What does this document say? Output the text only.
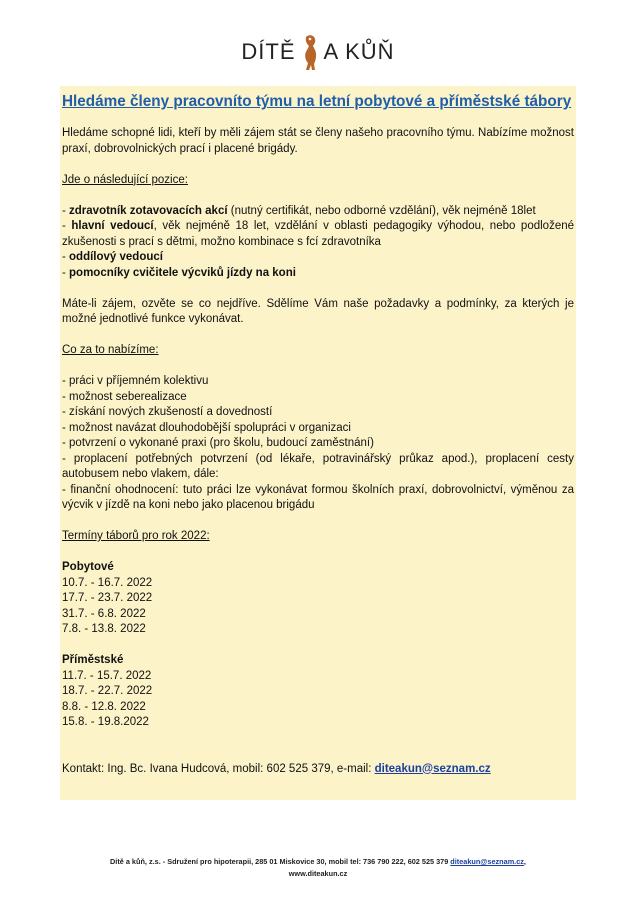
DÍTĚ A KŮŇ
Hledáme členy pracovníto týmu na letní pobytové a příměstské tábory

Hledáme schopné lidi, kteří by měli zájem stát se členy našeho pracovního týmu. Nabízíme možnost praxí, dobrovolnických prací i placené brigády.

Jde o následující pozice:

- zdravotník zotavovacích akcí (nutný certifikát, nebo odborné vzdělání), věk nejméně 18let

- hlavní vedoucí, věk nejméně 18 let, vzdělání v oblasti pedagogiky výhodou, nebo podložené zkušenosti s prací s dětmi, možno kombinace s fcí zdravotníka

- oddílový vedoucí

- pomocníky cvičitele výcviků jízdy na koni

Máte-li zájem, ozvěte se co nejdříve. Sdělíme Vám naše požadavky a podmínky, za kterých je možné jednotlivé funkce vykonávat.

Co za to nabízíme:

- práci v příjemném kolektivu

- možnost seberealizace

- získání nových zkušeností a dovedností

- možnost navázat dlouhodobější spolupráci v organizaci

- potvrzení o vykonané praxi (pro školu, budoucí zaměstnání)

- proplacení potřebných potvrzení (od lékaře, potravinářský průkaz apod.), proplacení cesty autobusem nebo vlakem, dále:

- finanční ohodnocení: tuto práci lze vykonávat formou školních praxí, dobrovolnictví, výměnou za výcvik v jízdě na koni nebo jako placenou brigádu

Termíny táborů pro rok 2022:

Pobytové

10.7. - 16.7. 2022

17.7. - 23.7. 2022

31.7. - 6.8. 2022

7.8. - 13.8. 2022

Příměstské

11.7. - 15.7. 2022

18.7. - 22.7. 2022

8.8. - 12.8. 2022

15.8. - 19.8.2022

Kontakt: Ing. Bc. Ivana Hudcová, mobil: 602 525 379, e-mail: diteakun@seznam.cz

Dítě a kůň, z.s. - Sdružení pro hipoterapii, 285 01 Miskovice 30, mobil tel: 736 790 222, 602 525 379 diteakun@seznam.cz,
www.diteakun.cz
